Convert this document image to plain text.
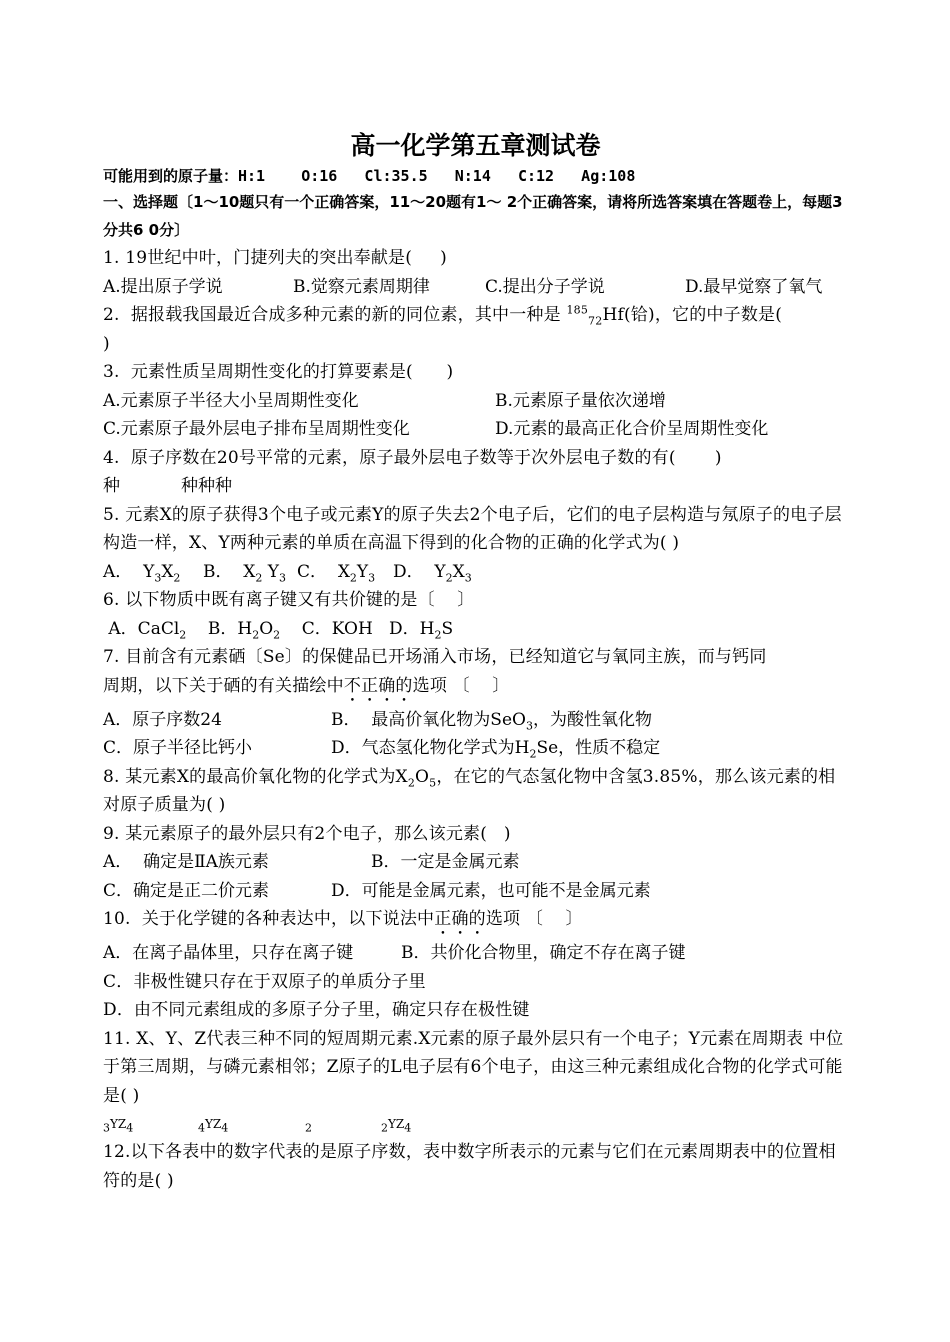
高一化学第五章测试卷
可能用到的原子量：H:1    O:16   Cl:35.5   N:14   C:12   Ag:108
一、选择题〔1～10题只有一个正确答案，11～20题有1～ 2个正确答案，请将所选答案填在答题卷上，每题3分共6 0分〕
1. 19世纪中叶，门捷列夫的突出奉献是(     )
A.提出原子学说	B.觉察元素周期律	C.提出分子学说	D.最早觉察了氧气
2.  据报载我国最近合成多种元素的新的同位素，其中一种是 $^{185}_{72}$Hf(铪)，它的中子数是(
)
3.  元素性质呈周期性变化的打算要素是(      )
A.元素原子半径大小呈周期性变化	B.元素原子量依次递增
C.元素原子最外层电子排布呈周期性变化	D.元素的最高正化合价呈周期性变化
4.  原子序数在20号平常的元素，原子最外层电子数等于次外层电子数的有(       )
种	种种种
5. 元素X的原子获得3个电子或元素Y的原子失去2个电子后，它们的电子层构造与氖原子的电子层构造一样，X、Y两种元素的单质在高温下得到的化合物的正确的化学式为( )
A．  $Y_3X_2$	B．  $X_2$ $Y_3$ C．  $X_2Y_3$	D．  $Y_2X_3$
6. 以下物质中既有离子键又有共价键的是〔    〕
A．CaCl$_2$ B．$H_2O_2$ C．KOH D．$H_2S$
7. 目前含有元素硒〔Se〕的保健品已开场涌入市场，已经知道它与氧同主族，而与钙同
周期，以下关于硒的有关描绘中不正确的选项 〔    〕
A．原子序数24	B．  最高价氧化物为SeO$_3$，为酸性氧化物
C．原子半径比钙小	D．气态氢化物化学式为$H_2Se$，性质不稳定
8. 某元素X的最高价氧化物的化学式为$X_2O_5$，在它的气态氢化物中含氢3.85%，那么该元素的相对原子质量为( )
9. 某元素原子的最外层只有2个电子，那么该元素(   )
A．  确定是ⅡA族元素	B．一定是金属元素
C．确定是正二价元素	D．可能是金属元素，也可能不是金属元素
10.  关于化学键的各种表达中，以下说法中正确的选项 〔    〕
A．在离子晶体里，只存在离子键	B．共价化合物里，确定不存在离子键
C．非极性键只存在于双原子的单质分子里
D．由不同元素组成的多原子分子里，确定只存在极性键
11. X、Y、Z代表三种不同的短周期元素.X元素的原子最外层只有一个电子；Y元素在周期表 中位于第三周期，与磷元素相邻；Z原子的L电子层有6个电子，由这三种元素组成化合物的化学式可能是( )
$_3YZ_4$	$_4YZ_4$	$_2$	$_2YZ_4$
12.以下各表中的数字代表的是原子序数，表中数字所表示的元素与它们在元素周期表中的位置相符的是( )
